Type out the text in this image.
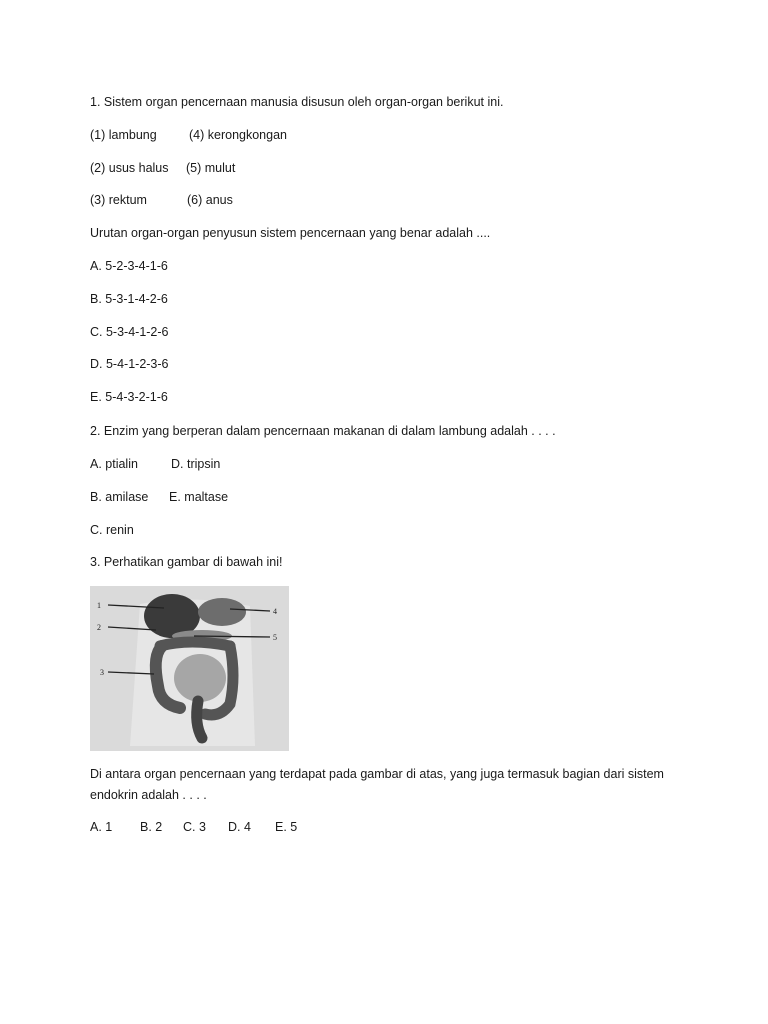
1. Sistem organ pencernaan manusia disusun oleh organ-organ berikut ini.
(1) lambung	(4) kerongkongan
(2) usus halus (5) mulut
(3) rektum	(6) anus
Urutan organ-organ penyusun sistem pencernaan yang benar adalah ....
A. 5-2-3-4-1-6
B. 5-3-1-4-2-6
C. 5-3-4-1-2-6
D. 5-4-1-2-3-6
E. 5-4-3-2-1-6
2. Enzim yang berperan dalam pencernaan makanan di dalam lambung adalah . . . .
A. ptialin	D. tripsin
B. amilase E. maltase
C. renin
3. Perhatikan gambar di bawah ini!
1
2
3
4
5
Di antara organ pencernaan yang terdapat pada gambar di atas, yang juga termasuk bagian dari sistem endokrin adalah . . . .
A. 1 B. 2 C. 3 D. 4 E. 5
